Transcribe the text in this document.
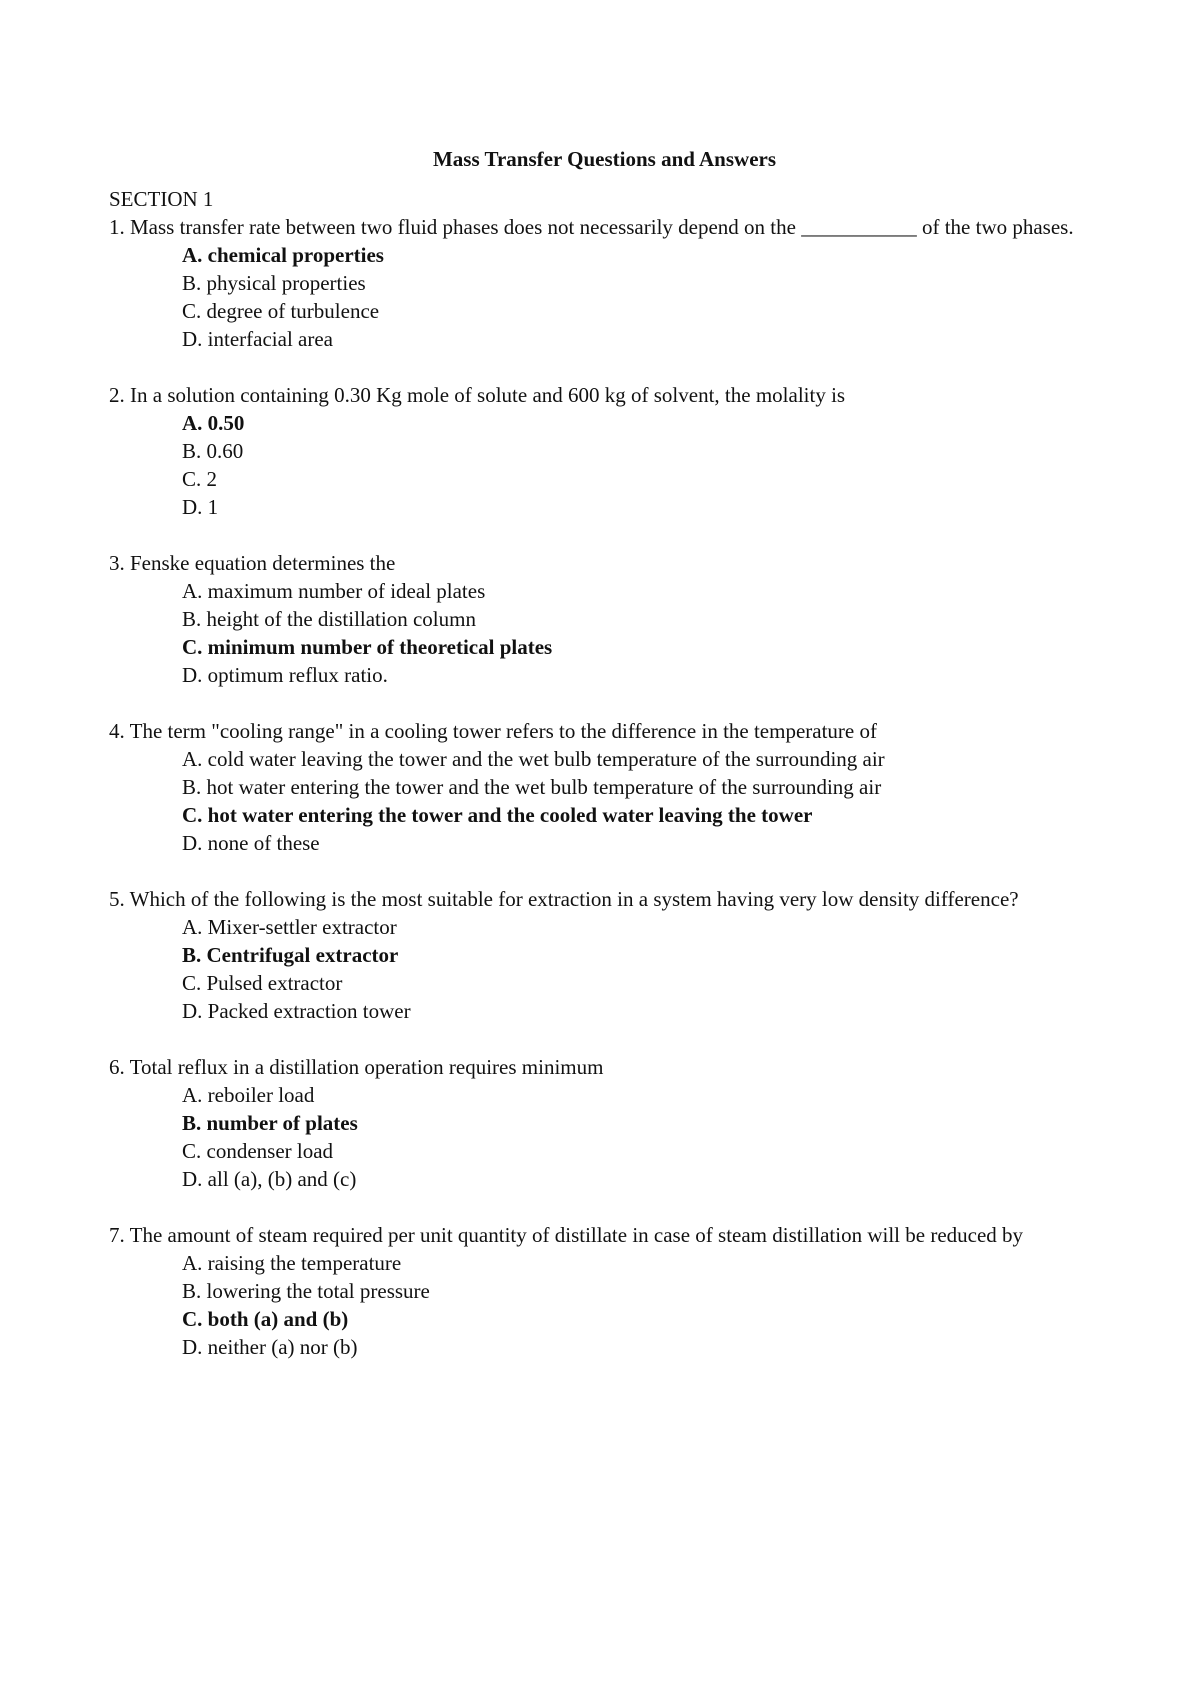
Mass Transfer Questions and Answers
SECTION 1

1. Mass transfer rate between two fluid phases does not necessarily depend on the ___________ of the two phases.

A. chemical properties
B. physical properties
C. degree of turbulence
D. interfacial area

2. In a solution containing 0.30 Kg mole of solute and 600 kg of solvent, the molality is

A. 0.50
B. 0.60
C. 2
D. 1

3. Fenske equation determines the

A. maximum number of ideal plates
B. height of the distillation column
C. minimum number of theoretical plates
D. optimum reflux ratio.

4. The term "cooling range" in a cooling tower refers to the difference in the temperature of

A. cold water leaving the tower and the wet bulb temperature of the surrounding air
B. hot water entering the tower and the wet bulb temperature of the surrounding air
C. hot water entering the tower and the cooled water leaving the tower
D. none of these

5. Which of the following is the most suitable for extraction in a system having very low density difference?

A. Mixer-settler extractor
B. Centrifugal extractor
C. Pulsed extractor
D. Packed extraction tower

6. Total reflux in a distillation operation requires minimum

A. reboiler load
B. number of plates
C. condenser load
D. all (a), (b) and (c)

7. The amount of steam required per unit quantity of distillate in case of steam distillation will be reduced by

A. raising the temperature
B. lowering the total pressure
C. both (a) and (b)
D. neither (a) nor (b)
